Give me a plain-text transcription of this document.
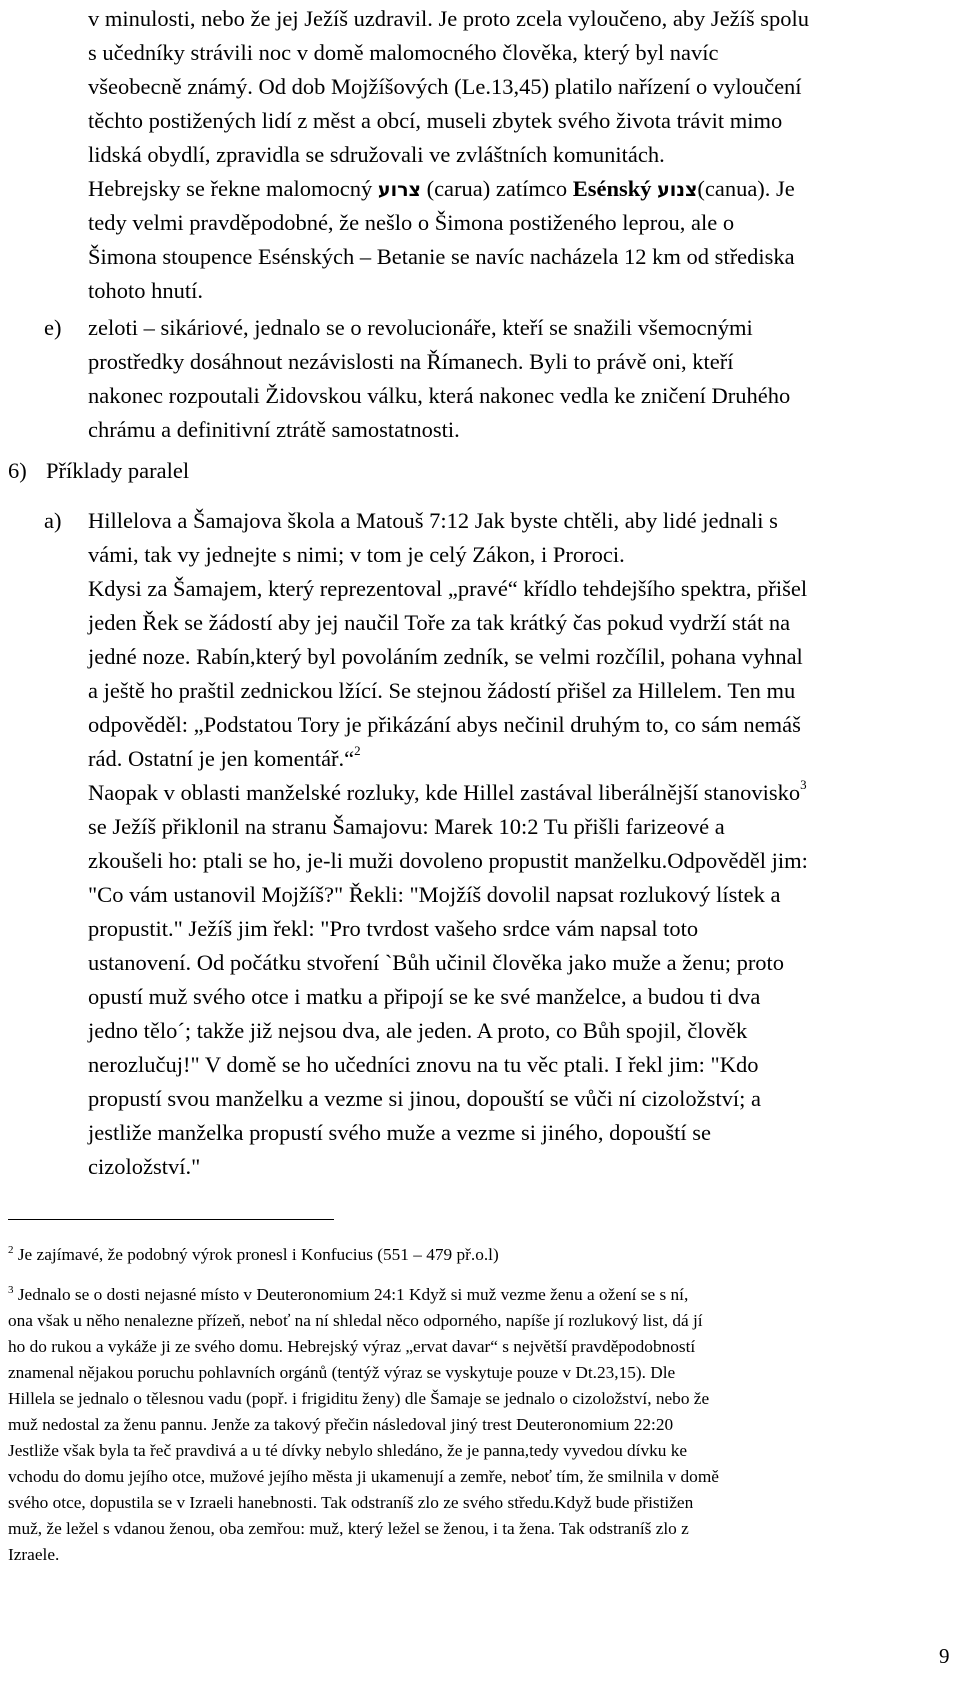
v minulosti, nebo že jej Ježíš uzdravil. Je proto zcela vyloučeno, aby Ježíš spolu
s učedníky strávili noc v domě malomocného člověka, který byl navíc
všeobecně známý. Od dob Mojžíšových (Le.13,45) platilo nařízení o vyloučení
těchto postižených lidí z měst a obcí, museli zbytek svého života trávit mimo
lidská obydlí, zpravidla se sdružovali ve zvláštních komunitách.
Hebrejsky se řekne malomocný צרוע (carua) zatímco Esénský צנוע(canua). Je
tedy velmi pravděpodobné, že nešlo o Šimona postiženého leprou, ale o
Šimona stoupence Esénských – Betanie se navíc nacházela 12 km od střediska
tohoto hnutí.
e) zeloti – sikáriové, jednalo se o revolucionáře, kteří se snažili všemocnými
prostředky dosáhnout nezávislosti na Římanech. Byli to právě oni, kteří
nakonec rozpoutali Židovskou válku, která nakonec vedla ke zničení Druhého
chrámu a definitivní ztrátě samostatnosti.
6) Příklady paralel
a) Hillelova a Šamajova škola a Matouš 7:12 Jak byste chtěli, aby lidé jednali s
vámi, tak vy jednejte s nimi; v tom je celý Zákon, i Proroci.
Kdysi za Šamajem, který reprezentoval „pravé“ křídlo tehdejšího spektra, přišel
jeden Řek se žádostí aby jej naučil Toře za tak krátký čas pokud vydrží stát na
jedné noze. Rabín,který byl povoláním zedník, se velmi rozčílil, pohana vyhnal
a ještě ho praštil zednickou lžící. Se stejnou žádostí přišel za Hillelem. Ten mu
odpověděl: „Podstatou Tory je přikázání abys nečinil druhým to, co sám nemáš
rád. Ostatní je jen komentář.“$^2$
Naopak v oblasti manželské rozluky, kde Hillel zastával liberálnější stanovisko$^3$
se Ježíš přiklonil na stranu Šamajovu: Marek 10:2 Tu přišli farizeové a
zkoušeli ho: ptali se ho, je-li muži dovoleno propustit manželku.Odpověděl jim:
"Co vám ustanovil Mojžíš?" Řekli: "Mojžíš dovolil napsat rozlukový lístek a
propustit." Ježíš jim řekl: "Pro tvrdost vašeho srdce vám napsal toto
ustanovení. Od počátku stvoření `Bůh učinil člověka jako muže a ženu; proto
opustí muž svého otce i matku a připojí se ke své manželce, a budou ti dva
jedno tělo´; takže již nejsou dva, ale jeden. A proto, co Bůh spojil, člověk
nerozlučuj!" V domě se ho učedníci znovu na tu věc ptali. I řekl jim: "Kdo
propustí svou manželku a vezme si jinou, dopouští se vůči ní cizoložství; a
jestliže manželka propustí svého muže a vezme si jiného, dopouští se
cizoložství."
$^2$ Je zajímavé, že podobný výrok pronesl i Konfucius (551 – 479 př.o.l)
$^3$ Jednalo se o dosti nejasné místo v Deuteronomium 24:1 Když si muž vezme ženu a ožení se s ní,
ona však u něho nenalezne přízeň, neboť na ní shledal něco odporného, napíše jí rozlukový list, dá jí
ho do rukou a vykáže ji ze svého domu. Hebrejský výraz „ervat davar“ s největší pravděpodobností
znamenal nějakou poruchu pohlavních orgánů (tentýž výraz se vyskytuje pouze v Dt.23,15). Dle
Hillela se jednalo o tělesnou vadu (popř. i frigiditu ženy) dle Šamaje se jednalo o cizoložství, nebo že
muž nedostal za ženu pannu. Jenže za takový přečin následoval jiný trest Deuteronomium 22:20
Jestliže však byla ta řeč pravdivá a u té dívky nebylo shledáno, že je panna,tedy vyvedou dívku ke
vchodu do domu jejího otce, mužové jejího města ji ukamenují a zemře, neboť tím, že smilnila v domě
svého otce, dopustila se v Izraeli hanebnosti. Tak odstraníš zlo ze svého středu.Když bude přistižen
muž, že ležel s vdanou ženou, oba zemřou: muž, který ležel se ženou, i ta žena. Tak odstraníš zlo z
Izraele.
9
